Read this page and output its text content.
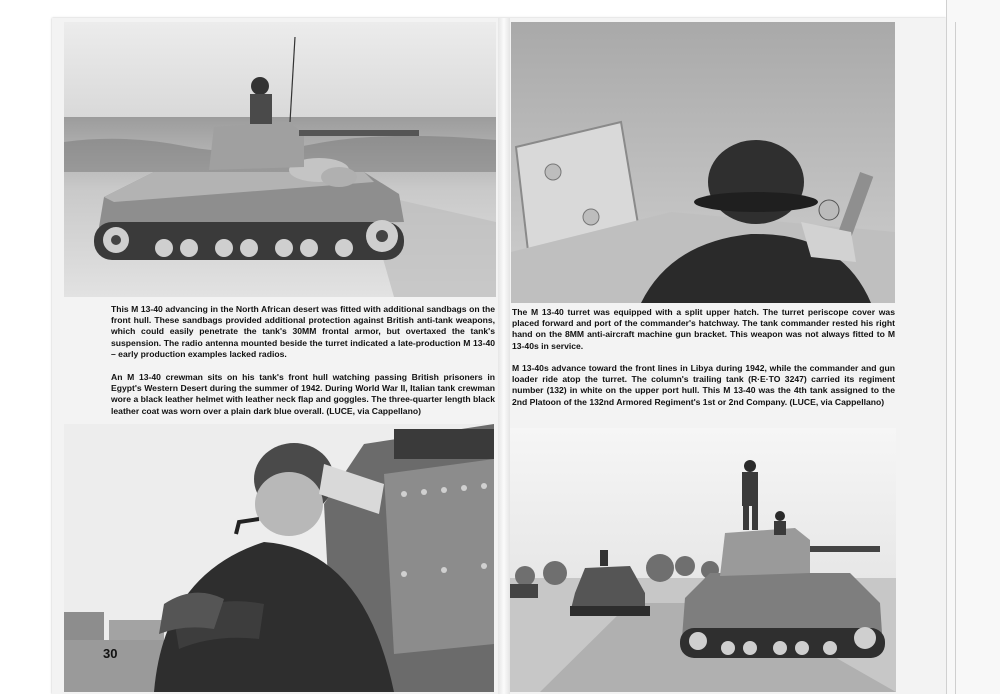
This M 13-40 advancing in the North African desert was fitted with additional sandbags on the front hull. These sandbags provided additional protection against British anti-tank weapons, which could easily penetrate the tank's 30MM frontal armor, but overtaxed the tank's suspension. The radio antenna mounted beside the turret indicated a late-production M 13-40 – early production examples lacked radios.

An M 13-40 crewman sits on his tank's front hull watching passing British prisoners in Egypt's Western Desert during the summer of 1942. During World War II, Italian tank crewman wore a black leather helmet with leather neck flap and goggles. The three-quarter length black leather coat was worn over a plain dark blue overall. (LUCE, via Cappellano)

The M 13-40 turret was equipped with a split upper hatch. The turret periscope cover was placed forward and port of the commander's hatchway. The tank commander rested his right hand on the 8MM anti-aircraft machine gun bracket. This weapon was not always fitted to M 13-40s in service.

M 13-40s advance toward the front lines in Libya during 1942, while the commander and gun loader ride atop the turret. The column's trailing tank (R·E·TO 3247) carried its regiment number (132) in white on the upper port hull. This M 13-40 was the 4th tank assigned to the 2nd Platoon of the 132nd Armored Regiment's 1st or 2nd Company. (LUCE, via Cappellano)

30
